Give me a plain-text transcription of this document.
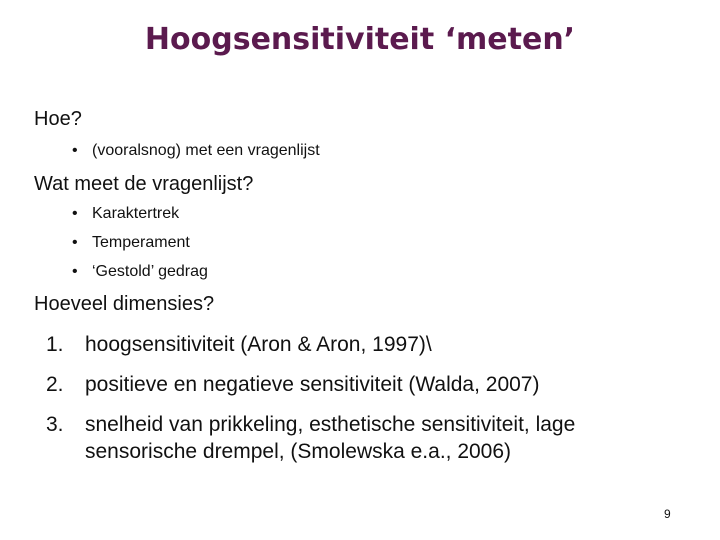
Hoogsensitiviteit ‘meten’
Hoe?
• (vooralsnog) met een vragenlijst
Wat meet de vragenlijst?
• Karaktertrek
• Temperament
• ‘Gestold’ gedrag
Hoeveel dimensies?
1. hoogsensitiviteit (Aron & Aron, 1997)\
2. positieve en negatieve sensitiviteit (Walda, 2007)
3. snelheid van prikkeling, esthetische sensitiviteit, lage
sensorische drempel, (Smolewska e.a., 2006)
9
